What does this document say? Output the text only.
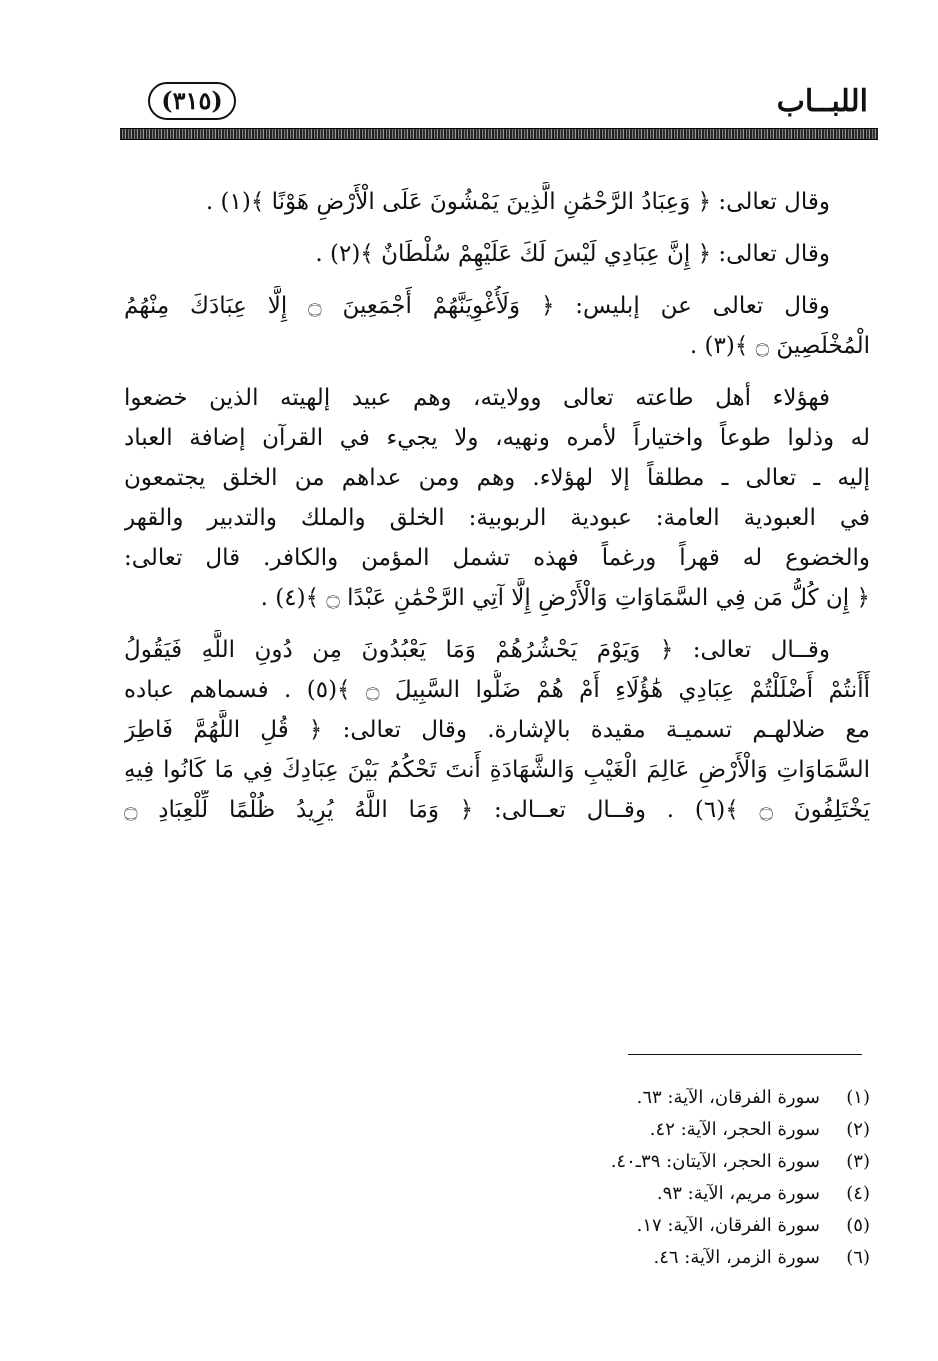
اللبــاب
(٣١٥)
وقال تعالى: ﴿ وَعِبَادُ الرَّحْمَٰنِ الَّذِينَ يَمْشُونَ عَلَى الْأَرْضِ هَوْنًا ﴾(١) .
وقال تعالى: ﴿ إِنَّ عِبَادِي لَيْسَ لَكَ عَلَيْهِمْ سُلْطَانٌ ﴾(٢) .
وقال تعالى عن إبليس: ﴿ وَلَأُغْوِيَنَّهُمْ أَجْمَعِينَ ۝ إِلَّا عِبَادَكَ مِنْهُمُ
الْمُخْلَصِينَ ۝ ﴾(٣) .
فهؤلاء أهل طاعته تعالى وولايته، وهم عبيد إلهيته الذين خضعوا
له وذلوا طوعاً واختياراً لأمره ونهيه، ولا يجيء في القرآن إضافة العباد
إليه ـ تعالى ـ مطلقاً إلا لهؤلاء. وهم ومن عداهم من الخلق يجتمعون
في العبودية العامة: عبودية الربوبية: الخلق والملك والتدبير والقهر
والخضوع له قهراً ورغماً فهذه تشمل المؤمن والكافر. قال تعالى:
﴿ إِن كُلُّ مَن فِي السَّمَاوَاتِ وَالْأَرْضِ إِلَّا آتِي الرَّحْمَٰنِ عَبْدًا ۝ ﴾(٤) .
وقــال تعالى: ﴿ وَيَوْمَ يَحْشُرُهُمْ وَمَا يَعْبُدُونَ مِن دُونِ اللَّهِ فَيَقُولُ
أَأَنتُمْ أَضْلَلْتُمْ عِبَادِي هَٰؤُلَاءِ أَمْ هُمْ ضَلُّوا السَّبِيلَ ۝ ﴾(٥) . فسماهم عباده
مع ضلالهـم تسميـة مقيدة بالإشارة. وقال تعالى: ﴿ قُلِ اللَّهُمَّ فَاطِرَ
السَّمَاوَاتِ وَالْأَرْضِ عَالِمَ الْغَيْبِ وَالشَّهَادَةِ أَنتَ تَحْكُمُ بَيْنَ عِبَادِكَ فِي مَا كَانُوا فِيهِ
يَخْتَلِفُونَ ۝ ﴾(٦) . وقــال تعــالى: ﴿ وَمَا اللَّهُ يُرِيدُ ظُلْمًا لِّلْعِبَادِ ۝
(١)سورة الفرقان، الآية: ٦٣.
(٢)سورة الحجر، الآية: ٤٢.
(٣)سورة الحجر، الآيتان: ٣٩ـ٤٠.
(٤)سورة مريم، الآية: ٩٣.
(٥)سورة الفرقان، الآية: ١٧.
(٦)سورة الزمر، الآية: ٤٦.
